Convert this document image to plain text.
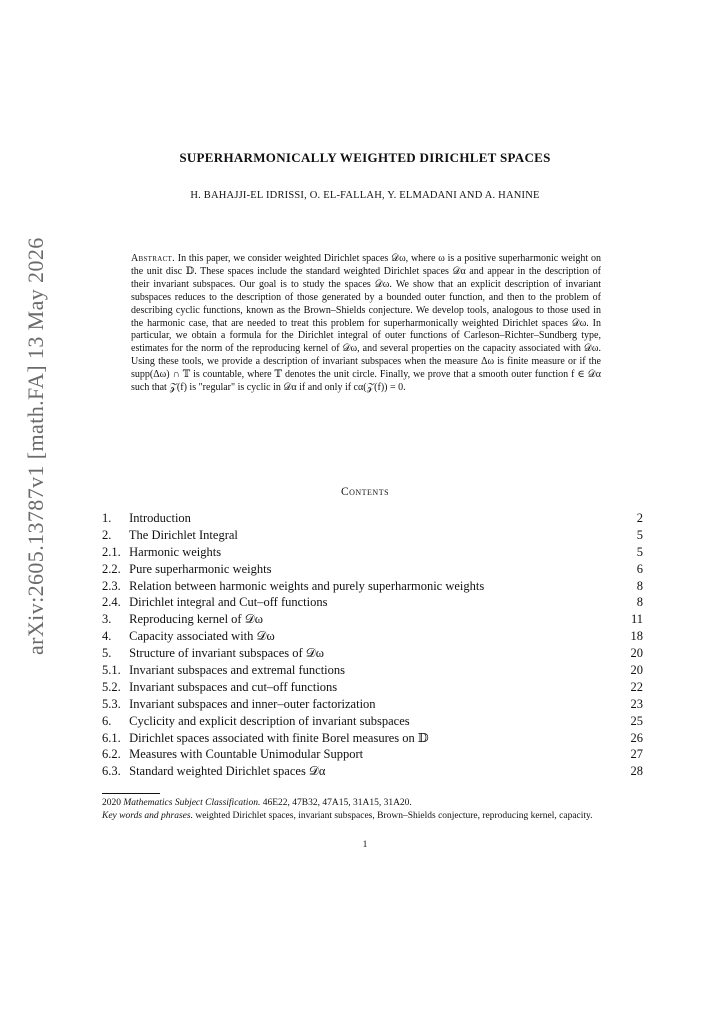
arXiv:2605.13787v1 [math.FA] 13 May 2026
SUPERHARMONICALLY WEIGHTED DIRICHLET SPACES
H. BAHAJJI-EL IDRISSI, O. EL-FALLAH, Y. ELMADANI AND A. HANINE
Abstract. In this paper, we consider weighted Dirichlet spaces 𝒟ω, where ω is a positive superharmonic weight on the unit disc 𝔻. These spaces include the standard weighted Dirichlet spaces 𝒟α and appear in the description of their invariant subspaces. Our goal is to study the spaces 𝒟ω. We show that an explicit description of invariant subspaces reduces to the description of those generated by a bounded outer function, and then to the problem of describing cyclic functions, known as the Brown–Shields conjecture. We develop tools, analogous to those used in the harmonic case, that are needed to treat this problem for superharmonically weighted Dirichlet spaces 𝒟ω. In particular, we obtain a formula for the Dirichlet integral of outer functions of Carleson–Richter–Sundberg type, estimates for the norm of the reproducing kernel of 𝒟ω, and several properties on the capacity associated with 𝒟ω. Using these tools, we provide a description of invariant subspaces when the measure Δω is finite measure or if the supp(Δω) ∩ 𝕋 is countable, where 𝕋 denotes the unit circle. Finally, we prove that a smooth outer function f ∈ 𝒟α such that 𝒵(f) is "regular" is cyclic in 𝒟α if and only if cα(𝒵(f)) = 0.
Contents
1. Introduction	2
2. The Dirichlet Integral	5
2.1. Harmonic weights	5
2.2. Pure superharmonic weights	6
2.3. Relation between harmonic weights and purely superharmonic weights	8
2.4. Dirichlet integral and Cut–off functions	8
3. Reproducing kernel of 𝒟ω	11
4. Capacity associated with 𝒟ω	18
5. Structure of invariant subspaces of 𝒟ω	20
5.1. Invariant subspaces and extremal functions	20
5.2. Invariant subspaces and cut–off functions	22
5.3. Invariant subspaces and inner–outer factorization	23
6. Cyclicity and explicit description of invariant subspaces	25
6.1. Dirichlet spaces associated with finite Borel measures on 𝔻	26
6.2. Measures with Countable Unimodular Support	27
6.3. Standard weighted Dirichlet spaces 𝒟α	28

2020 Mathematics Subject Classification. 46E22, 47B32, 47A15, 31A15, 31A20.

Key words and phrases. weighted Dirichlet spaces, invariant subspaces, Brown–Shields conjecture, reproducing kernel, capacity.

1
